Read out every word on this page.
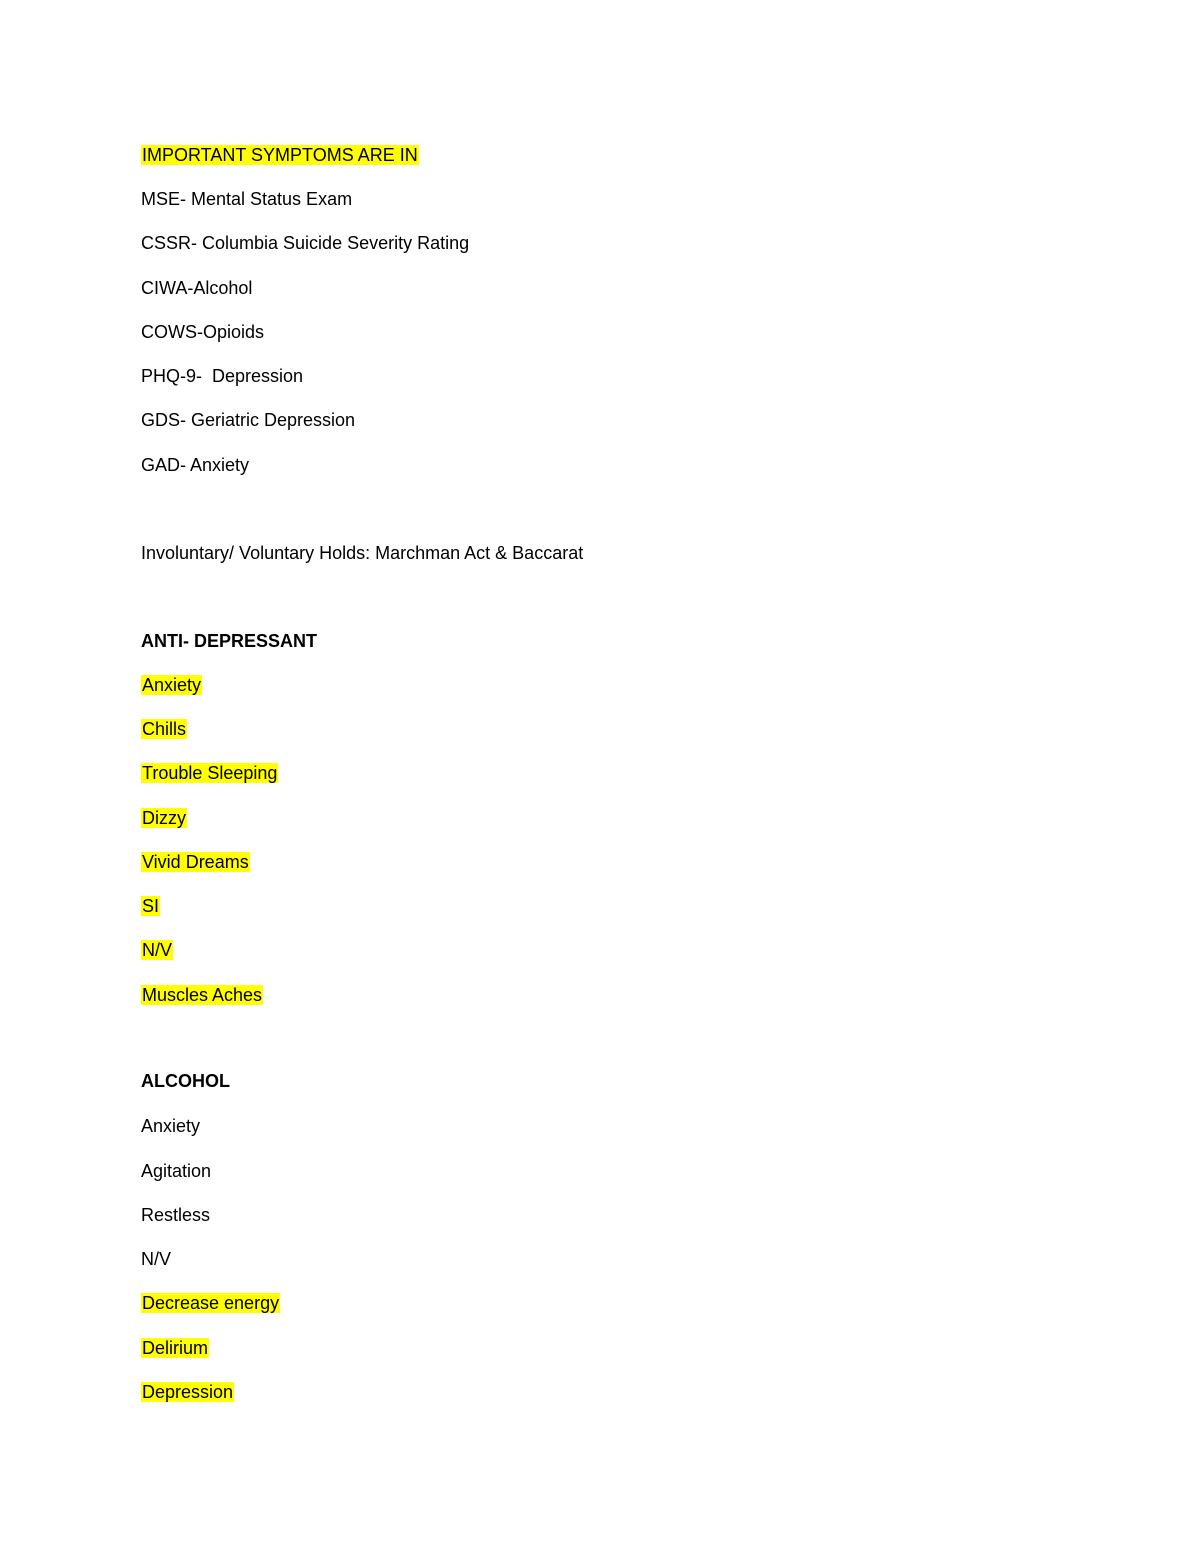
IMPORTANT SYMPTOMS ARE IN

MSE- Mental Status Exam

CSSR- Columbia Suicide Severity Rating

CIWA-Alcohol

COWS-Opioids

PHQ-9-  Depression

GDS- Geriatric Depression

GAD- Anxiety

Involuntary/ Voluntary Holds: Marchman Act & Baccarat

ANTI- DEPRESSANT

Anxiety

Chills

Trouble Sleeping

Dizzy

Vivid Dreams

SI

N/V

Muscles Aches

ALCOHOL

Anxiety

Agitation

Restless

N/V

Decrease energy

Delirium

Depression
